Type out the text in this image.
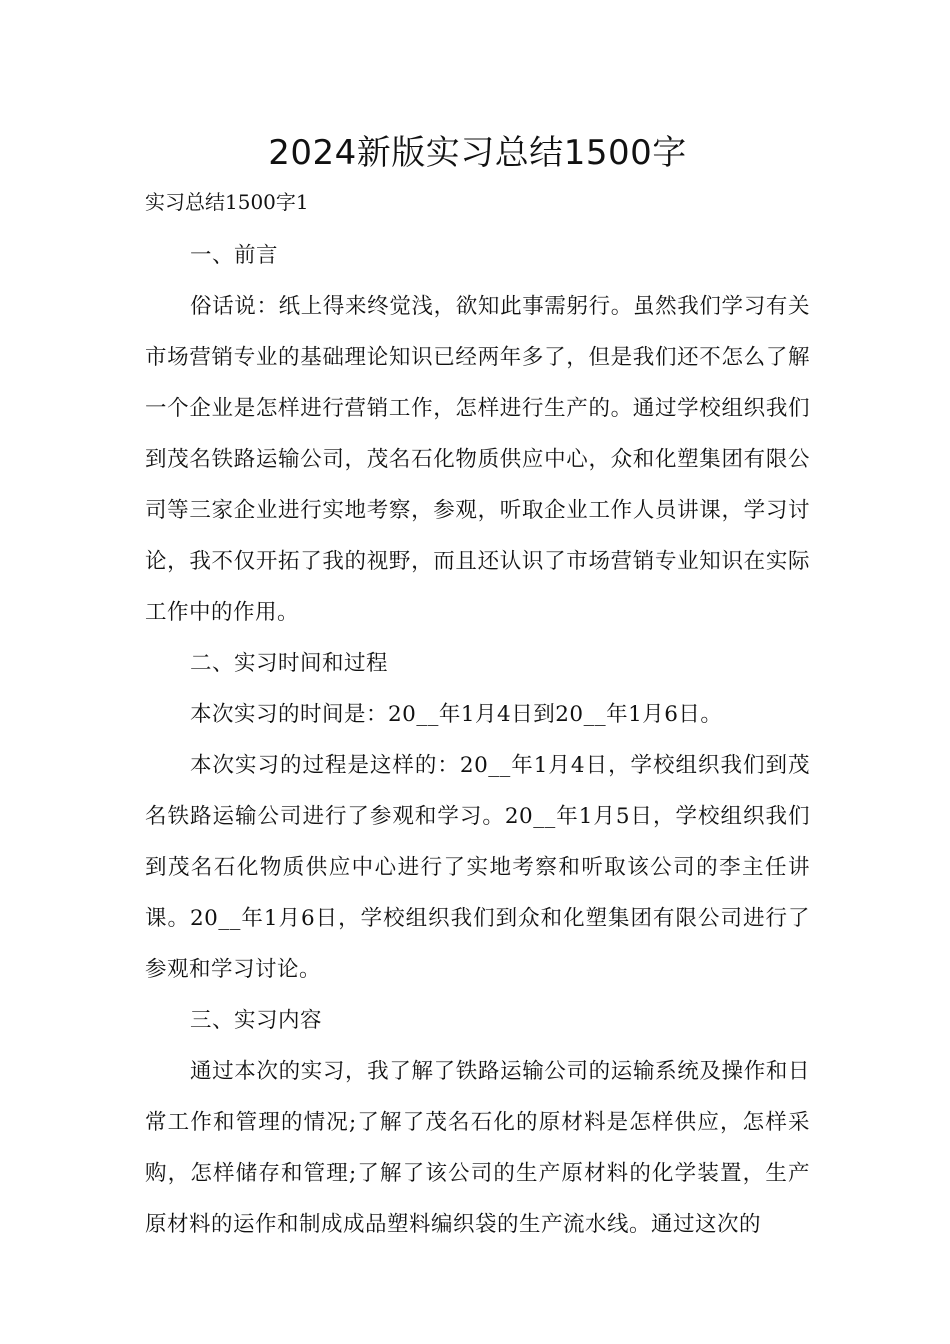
2024新版实习总结1500字

实习总结1500字1

一、前言

俗话说：纸上得来终觉浅，欲知此事需躬行。虽然我们学习有关市场营销专业的基础理论知识已经两年多了，但是我们还不怎么了解一个企业是怎样进行营销工作，怎样进行生产的。通过学校组织我们到茂名铁路运输公司，茂名石化物质供应中心，众和化塑集团有限公司等三家企业进行实地考察，参观，听取企业工作人员讲课，学习讨论，我不仅开拓了我的视野，而且还认识了市场营销专业知识在实际工作中的作用。

二、实习时间和过程

本次实习的时间是：20__年1月4日到20__年1月6日。

本次实习的过程是这样的：20__年1月4日，学校组织我们到茂名铁路运输公司进行了参观和学习。20__年1月5日，学校组织我们到茂名石化物质供应中心进行了实地考察和听取该公司的李主任讲课。20__年1月6日，学校组织我们到众和化塑集团有限公司进行了参观和学习讨论。

三、实习内容

通过本次的实习，我了解了铁路运输公司的运输系统及操作和日常工作和管理的情况;了解了茂名石化的原材料是怎样供应，怎样采购，怎样储存和管理;了解了该公司的生产原材料的化学装置，生产原材料的运作和制成成品塑料编织袋的生产流水线。通过这次的
